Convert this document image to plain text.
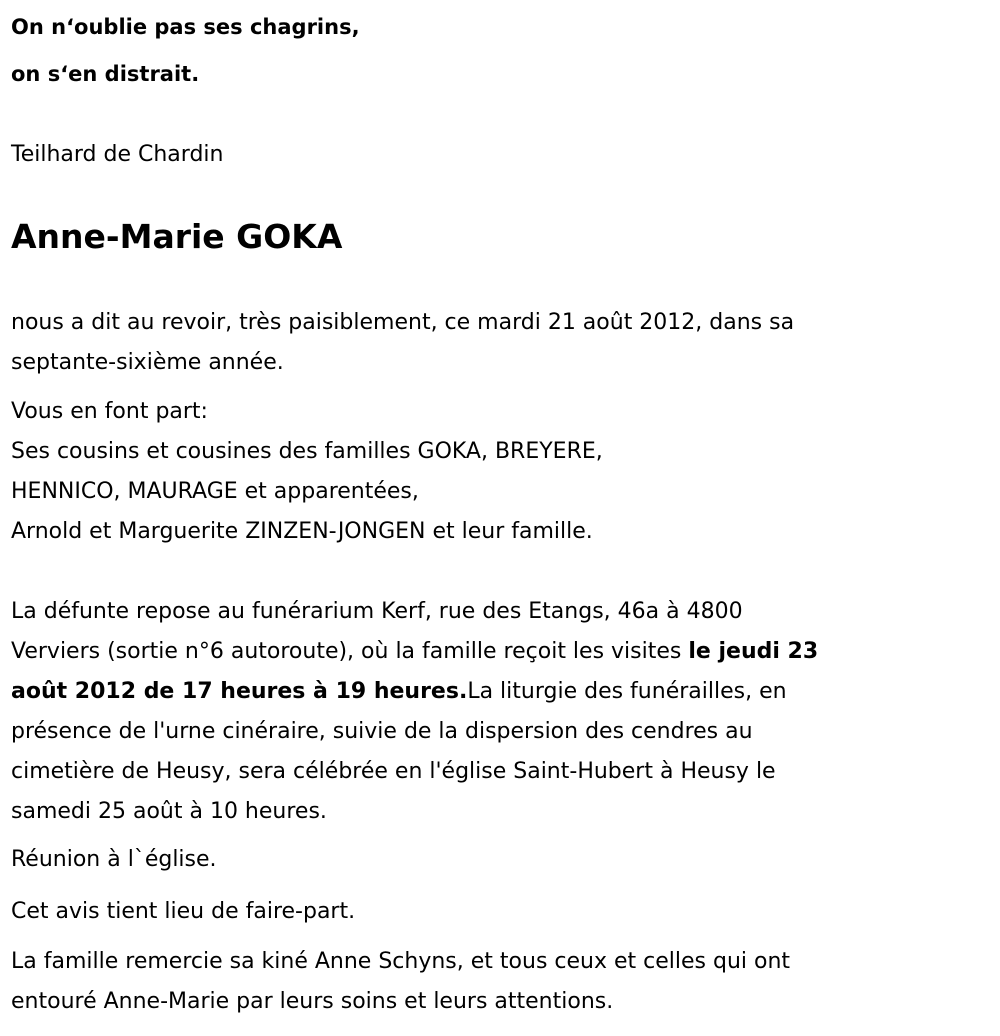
On n‘oublie pas ses chagrins,
on s‘en distrait.
Teilhard de Chardin
Anne-Marie GOKA
nous a dit au revoir, très paisiblement, ce mardi 21 août 2012, dans sa
septante-sixième année.
Vous en font part:
Ses cousins et cousines des familles GOKA, BREYERE,
HENNICO, MAURAGE et apparentées,
Arnold et Marguerite ZINZEN-JONGEN et leur famille.
La défunte repose au funérarium Kerf, rue des Etangs, 46a à 4800
Verviers (sortie n°6 autoroute), où la famille reçoit les visites le jeudi 23
août 2012 de 17 heures à 19 heures.La liturgie des funérailles, en
présence de l'urne cinéraire, suivie de la dispersion des cendres au
cimetière de Heusy, sera célébrée en l'église Saint-Hubert à Heusy le
samedi 25 août à 10 heures.
Réunion à l`église.
Cet avis tient lieu de faire-part.
La famille remercie sa kiné Anne Schyns, et tous ceux et celles qui ont
entouré Anne-Marie par leurs soins et leurs attentions.
